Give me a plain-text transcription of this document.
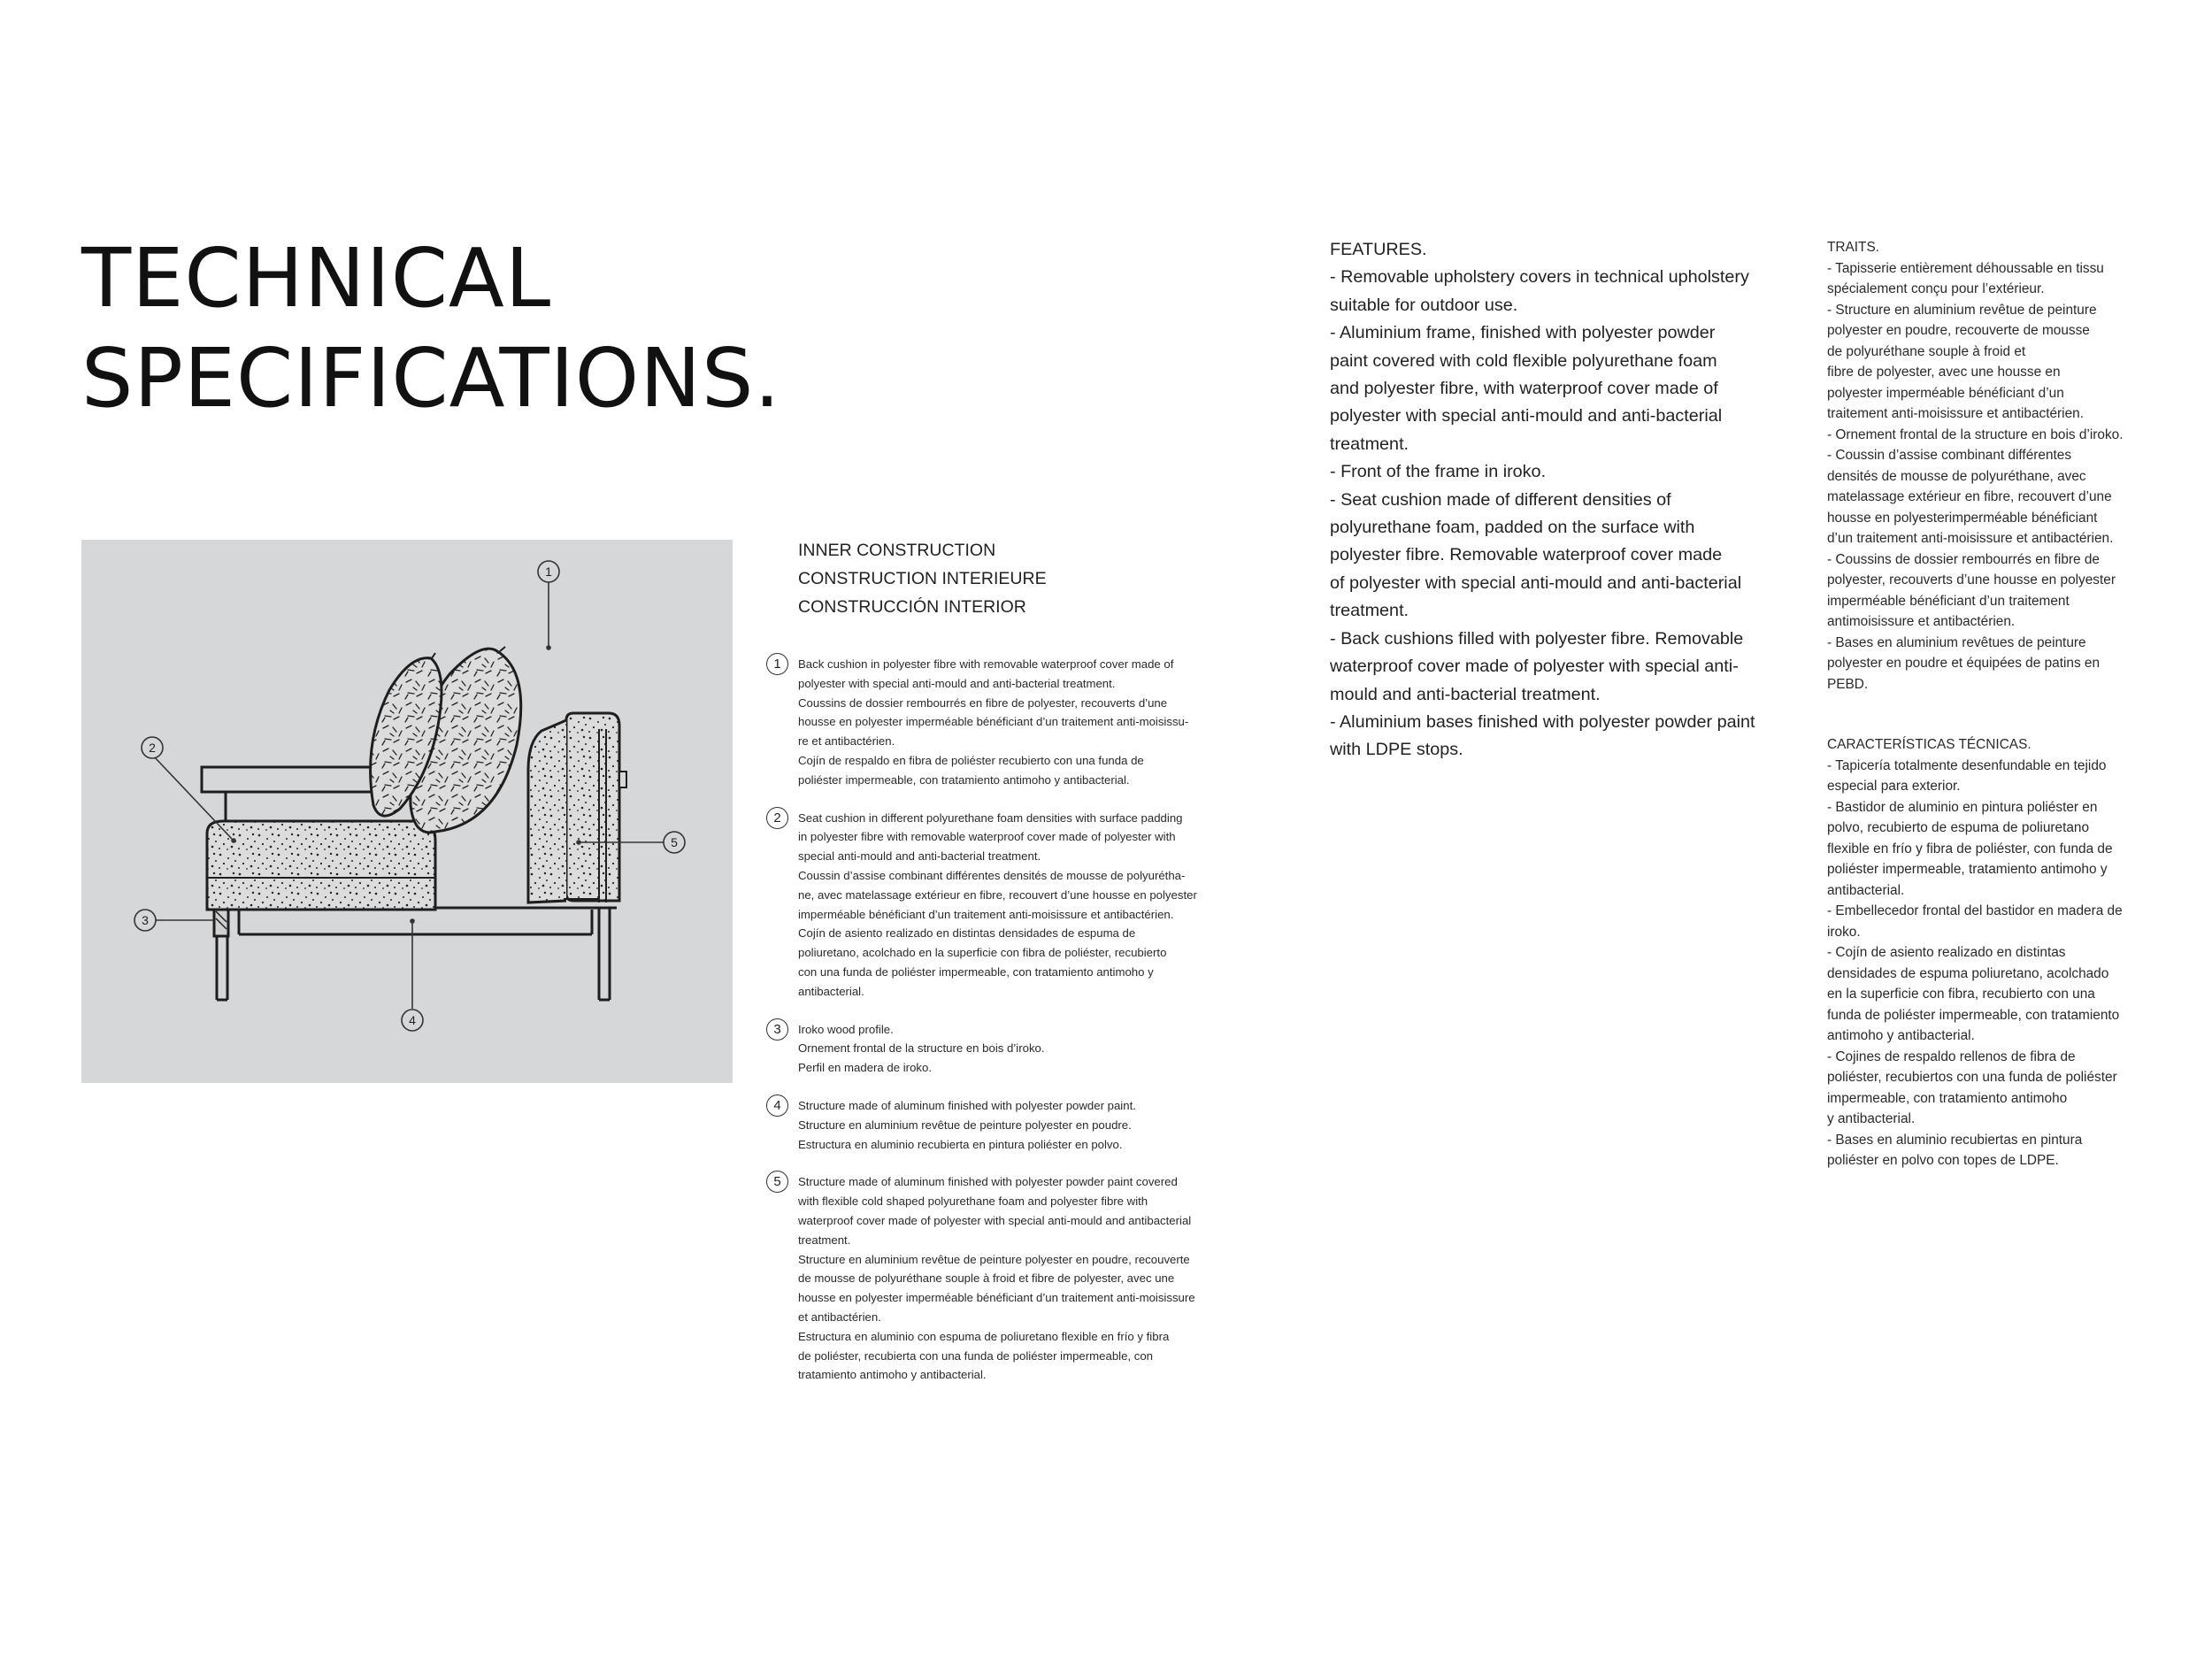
TECHNICAL
SPECIFICATIONS.
1
2
3
4
5
INNER CONSTRUCTION
CONSTRUCTION INTERIEURE
CONSTRUCCIÓN INTERIOR
1	Back cushion in polyester fibre with removable waterproof cover made of
polyester with special anti-mould and anti-bacterial treatment.
Coussins de dossier rembourrés en fibre de polyester, recouverts d’une
housse en polyester imperméable bénéficiant d’un traitement anti-moisissu-
re et antibactérien.
Cojín de respaldo en fibra de poliéster recubierto con una funda de
poliéster impermeable, con tratamiento antimoho y antibacterial.
2	Seat cushion in different polyurethane foam densities with surface padding
in polyester fibre with removable waterproof cover made of polyester with
special anti-mould and anti-bacterial treatment.
Coussin d’assise combinant différentes densités de mousse de polyurétha-
ne, avec matelassage extérieur en fibre, recouvert d’une housse en polyester
imperméable bénéficiant d’un traitement anti-moisissure et antibactérien.
Cojín de asiento realizado en distintas densidades de espuma de
poliuretano, acolchado en la superficie con fibra de poliéster, recubierto
con una funda de poliéster impermeable, con tratamiento antimoho y
antibacterial.
3	Iroko wood profile.
Ornement frontal de la structure en bois d’iroko.
Perfil en madera de iroko.
4	Structure made of aluminum finished with polyester powder paint.
Structure en aluminium revêtue de peinture polyester en poudre.
Estructura en aluminio recubierta en pintura poliéster en polvo.
5	Structure made of aluminum finished with polyester powder paint covered
with flexible cold shaped polyurethane foam and polyester fibre with
waterproof cover made of polyester with special anti-mould and antibacterial
treatment.
Structure en aluminium revêtue de peinture polyester en poudre, recouverte
de mousse de polyuréthane souple à froid et fibre de polyester, avec une
housse en polyester imperméable bénéficiant d’un traitement anti-moisissure
et antibactérien.
Estructura en aluminio con espuma de poliuretano flexible en frío y fibra
de poliéster, recubierta con una funda de poliéster impermeable, con
tratamiento antimoho y antibacterial.
FEATURES.
- Removable upholstery covers in technical upholstery
suitable for outdoor use.
- Aluminium frame, finished with polyester powder
paint covered with cold flexible polyurethane foam
and polyester fibre, with waterproof cover made of
polyester with special anti-mould and anti-bacterial
treatment.
- Front of the frame in iroko.
- Seat cushion made of different densities of
polyurethane foam, padded on the surface with
polyester fibre. Removable waterproof cover made
of polyester with special anti-mould and anti-bacterial
treatment.
- Back cushions filled with polyester fibre. Removable
waterproof cover made of polyester with special anti-
mould and anti-bacterial treatment.
- Aluminium bases finished with polyester powder paint
with LDPE stops.
TRAITS.
- Tapisserie entièrement déhoussable en tissu
spécialement conçu pour l’extérieur.
- Structure en aluminium revêtue de peinture
polyester en poudre, recouverte de mousse
de polyuréthane souple à froid et
fibre de polyester, avec une housse en
polyester imperméable bénéficiant d’un
traitement anti-moisissure et antibactérien.
- Ornement frontal de la structure en bois d’iroko.
- Coussin d’assise combinant différentes
densités de mousse de polyuréthane, avec
matelassage extérieur en fibre, recouvert d’une
housse en polyesterimperméable bénéficiant
d’un traitement anti-moisissure et antibactérien.
- Coussins de dossier rembourrés en fibre de
polyester, recouverts d’une housse en polyester
imperméable bénéficiant d’un traitement
antimoisissure et antibactérien.
- Bases en aluminium revêtues de peinture
polyester en poudre et équipées de patins en
PEBD.
CARACTERÍSTICAS TÉCNICAS.
- Tapicería totalmente desenfundable en tejido
especial para exterior.
- Bastidor de aluminio en pintura poliéster en
polvo, recubierto de espuma de poliuretano
flexible en frío y fibra de poliéster, con funda de
poliéster impermeable, tratamiento antimoho y
antibacterial.
- Embellecedor frontal del bastidor en madera de
iroko.
- Cojín de asiento realizado en distintas
densidades de espuma poliuretano, acolchado
en la superficie con fibra, recubierto con una
funda de poliéster impermeable, con tratamiento
antimoho y antibacterial.
- Cojines de respaldo rellenos de fibra de
poliéster, recubiertos con una funda de poliéster
impermeable, con tratamiento antimoho
y antibacterial.
- Bases en aluminio recubiertas en pintura
poliéster en polvo con topes de LDPE.
